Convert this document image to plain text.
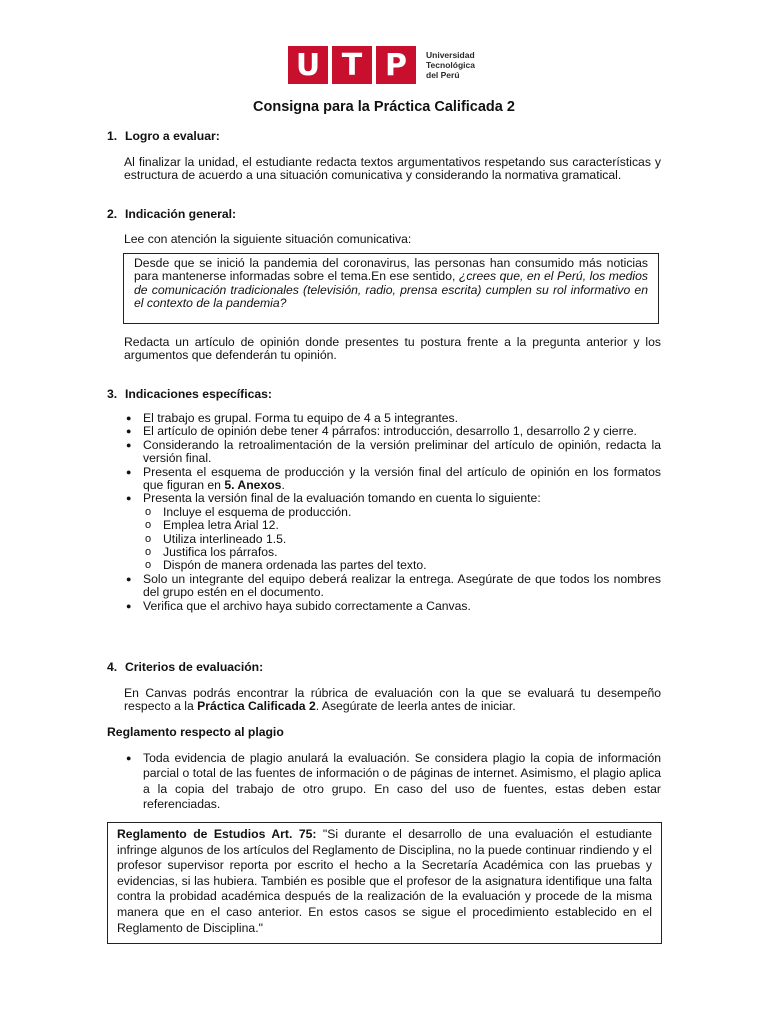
U T P	Universidad
Tecnológica
del Perú
Consigna para la Práctica Calificada 2
1. Logro a evaluar:
Al finalizar la unidad, el estudiante redacta textos argumentativos respetando sus características y estructura de acuerdo a una situación comunicativa y considerando la normativa gramatical.
2. Indicación general:
Lee con atención la siguiente situación comunicativa:

Desde que se inició la pandemia del coronavirus, las personas han consumido más noticias para mantenerse informadas sobre el tema.En ese sentido, ¿crees que, en el Perú, los medios de comunicación tradicionales (televisión, radio, prensa escrita) cumplen su rol informativo en el contexto de la pandemia?

Redacta un artículo de opinión donde presentes tu postura frente a la pregunta anterior y los argumentos que defenderán tu opinión.
3. Indicaciones específicas:
● El trabajo es grupal. Forma tu equipo de 4 a 5 integrantes.
● El artículo de opinión debe tener 4 párrafos: introducción, desarrollo 1, desarrollo 2 y cierre.
● Considerando la retroalimentación de la versión preliminar del artículo de opinión, redacta la versión final.
● Presenta el esquema de producción y la versión final del artículo de opinión en los formatos que figuran en 5. Anexos.
● Presenta la versión final de la evaluación tomando en cuenta lo siguiente:
o Incluye el esquema de producción.
o Emplea letra Arial 12.
o Utiliza interlineado 1.5.
o Justifica los párrafos.
o Dispón de manera ordenada las partes del texto.
● Solo un integrante del equipo deberá realizar la entrega. Asegúrate de que todos los nombres del grupo estén en el documento.
● Verifica que el archivo haya subido correctamente a Canvas.
4. Criterios de evaluación:
En Canvas podrás encontrar la rúbrica de evaluación con la que se evaluará tu desempeño respecto a la Práctica Calificada 2. Asegúrate de leerla antes de iniciar.
Reglamento respecto al plagio
● Toda evidencia de plagio anulará la evaluación. Se considera plagio la copia de información parcial o total de las fuentes de información o de páginas de internet. Asimismo, el plagio aplica a la copia del trabajo de otro grupo. En caso del uso de fuentes, estas deben estar referenciadas.

Reglamento de Estudios Art. 75: "Si durante el desarrollo de una evaluación el estudiante infringe algunos de los artículos del Reglamento de Disciplina, no la puede continuar rindiendo y el profesor supervisor reporta por escrito el hecho a la Secretaría Académica con las pruebas y evidencias, si las hubiera. También es posible que el profesor de la asignatura identifique una falta contra la probidad académica después de la realización de la evaluación y procede de la misma manera que en el caso anterior. En estos casos se sigue el procedimiento establecido en el Reglamento de Disciplina."
